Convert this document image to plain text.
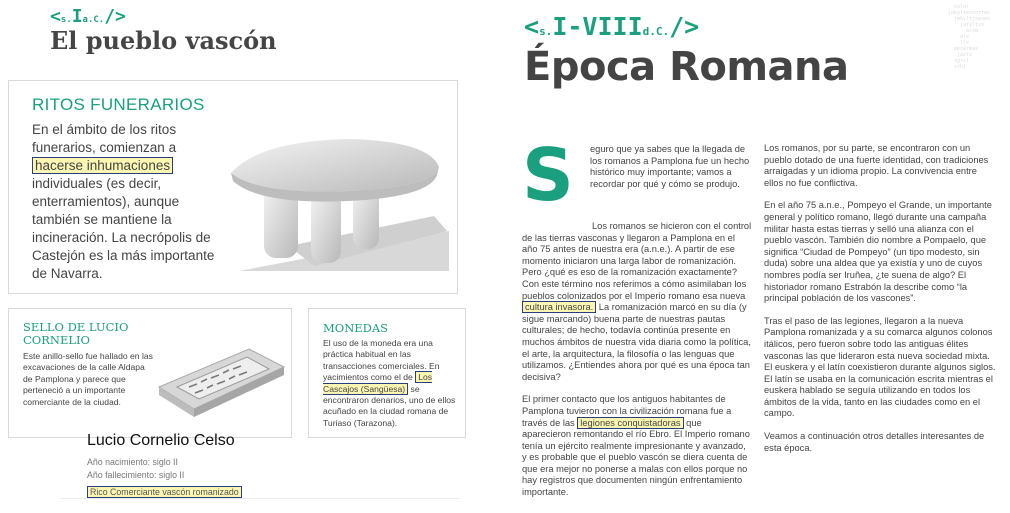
<s.Ia.C./>
El pueblo vascón
RITOS FUNERARIOS
En el ámbito de los ritos funerarios, comienzan a hacerse inhumaciones individuales (es decir, enterramientos), aunque también se mantiene la incineración. La necrópolis de Castejón es la más importante de Navarra.
SELLO DE LUCIO CORNELIO
Este anillo-sello fue hallado en las excavaciones de la calle Aldapa de Pamplona y parece que perteneció a un importante comerciante de la ciudad.
MONEDAS
El uso de la moneda era una práctica habitual en las transacciones comerciales. En yacimientos como el de Los Cascajos (Sangüesa) se encontraron denarios, uno de ellos acuñado en la ciudad romana de Turiaso (Tarazona).
Lucio Cornelio Celso
Año nacimiento: siglo II
Año fallecimiento: siglo II
Rico Comerciante vascón romanizado
<s.I-VIIId.C./>
Época Romana
color
jokyltexcorrec
jmkyltjxesex
jatyltxx
acxm
alx
llx
decermax
jaztx
xgrvl
xthj
S	eguro que ya sabes que la llegada de los romanos a Pamplona fue un hecho histórico muy importante; vamos a recordar por qué y cómo se produjo.

Los romanos se hicieron con el control de las tierras vasconas y llegaron a Pamplona en el año 75 antes de nuestra era (a.n.e.). A partir de ese momento iniciaron una larga labor de romanización. Pero ¿qué es eso de la romanización exactamente? Con este término nos referimos a cómo asimilaban los pueblos colonizados por el Imperio romano esa nueva cultura invasora. La romanización marcó en su día (y sigue marcando) buena parte de nuestras pautas culturales; de hecho, todavía continúa presente en muchos ámbitos de nuestra vida diaria como la política, el arte, la arquitectura, la filosofía o las lenguas que utilizamos. ¿Entiendes ahora por qué es una época tan decisiva?

El primer contacto que los antiguos habitantes de Pamplona tuvieron con la civilización romana fue a través de las legiones conquistadoras que aparecieron remontando el río Ebro. El Imperio romano tenía un ejército realmente impresionante y avanzado, y es probable que el pueblo vascón se diera cuenta de que era mejor no ponerse a malas con ellos porque no hay registros que documenten ningún enfrentamiento importante.

Los romanos, por su parte, se encontraron con un pueblo dotado de una fuerte identidad, con tradiciones arraigadas y un idioma propio. La convivencia entre ellos no fue conflictiva.

En el año 75 a.n.e., Pompeyo el Grande, un importante general y político romano, llegó durante una campaña militar hasta estas tierras y selló una alianza con el pueblo vascón. También dio nombre a Pompaelo, que significa “Ciudad de Pompeyo” (un tipo modesto, sin duda) sobre una aldea que ya existía y uno de cuyos nombres podía ser Iruñea, ¿te suena de algo? El historiador romano Estrabón la describe como “la principal población de los vascones”.

Tras el paso de las legiones, llegaron a la nueva Pamplona romanizada y a su comarca algunos colonos itálicos, pero fueron sobre todo las antiguas élites vasconas las que lideraron esta nueva sociedad mixta. El euskera y el latín coexistieron durante algunos siglos. El latín se usaba en la comunicación escrita mientras el euskera hablado se seguía utilizando en todos los ámbitos de la vida, tanto en las ciudades como en el campo.

Veamos a continuación otros detalles interesantes de esta época.
